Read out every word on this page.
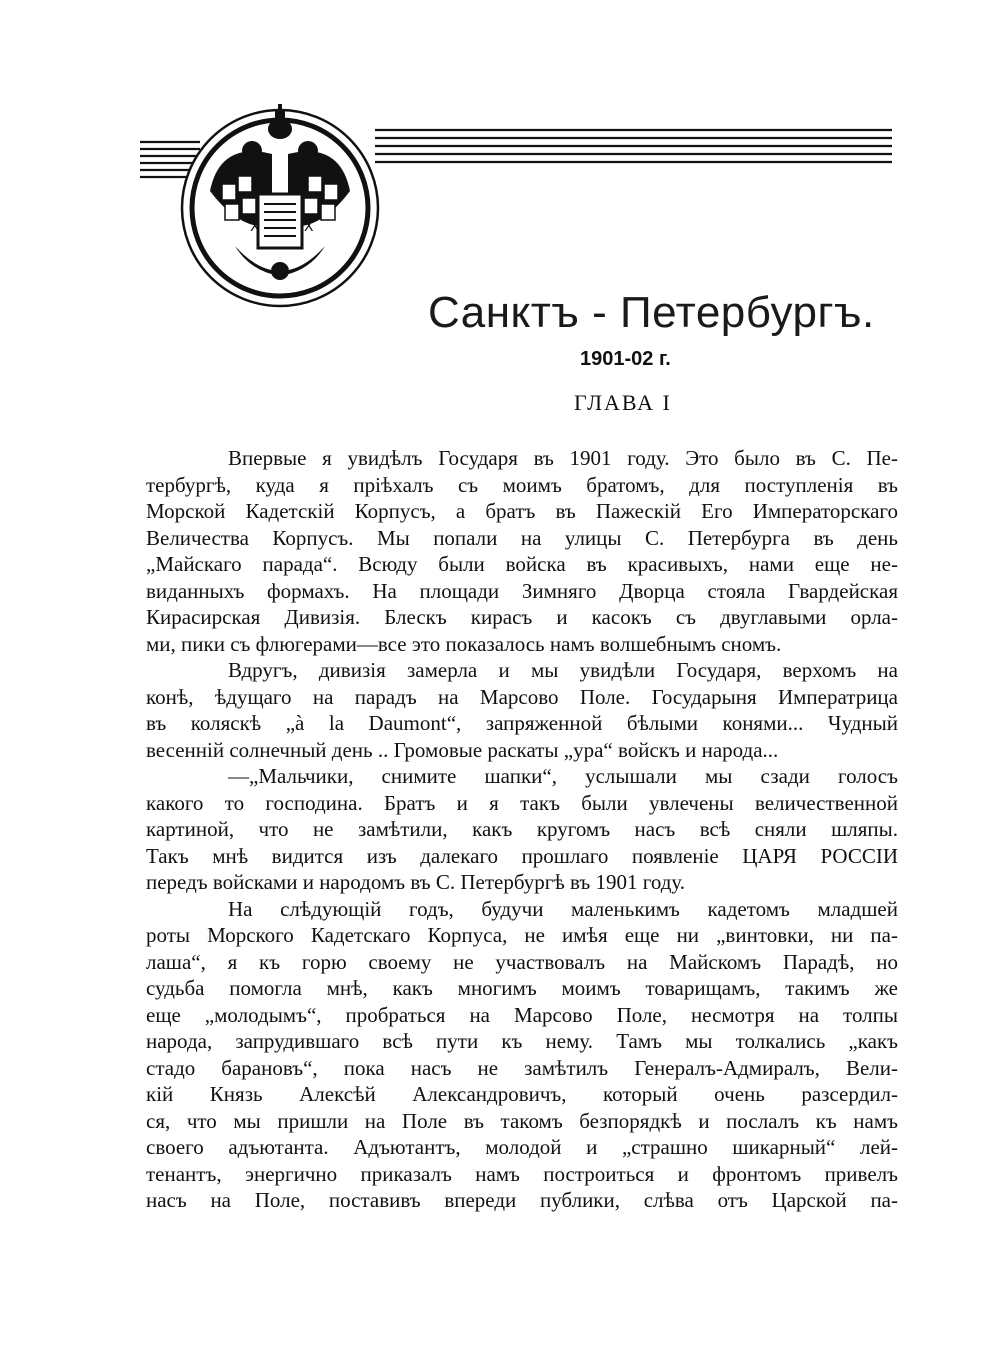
X	X
Санктъ - Петербургъ.
1901-02 г.
ГЛАВА I
Впервые я увидѣлъ Государя въ 1901 году. Это было въ С. Пе-
тербургѣ, куда я пріѣхалъ съ моимъ братомъ, для поступленія въ
Морской Кадетскій Корпусъ, а братъ въ Пажескій Его Императорскаго
Величества Корпусъ. Мы попали на улицы С. Петербурга въ день
„Майскаго парада“. Всюду были войска въ красивыхъ, нами еще не-
виданныхъ формахъ. На площади Зимняго Дворца стояла Гвардейская
Кирасирская Дивизія. Блескъ кирасъ и касокъ съ двуглавыми орла-
ми, пики съ флюгерами—все это показалось намъ волшебнымъ сномъ.
Вдругъ, дивизія замерла и мы увидѣли Государя, верхомъ на
конѣ, ѣдущаго на парадъ на Марсово Поле. Государыня Императрица
въ коляскѣ „à la Daumont“, запряженной бѣлыми конями... Чудный
весенній солнечный день .. Громовые раскаты „ура“ войскъ и народа...
—„Мальчики, снимите шапки“, услышали мы сзади голосъ
какого то господина. Братъ и я такъ были увлечены величественной
картиной, что не замѣтили, какъ кругомъ насъ всѣ сняли шляпы.
Такъ мнѣ видится изъ далекаго прошлаго появленіе ЦАРЯ РОССІИ
передъ войсками и народомъ въ С. Петербургѣ въ 1901 году.
На слѣдующій годъ, будучи маленькимъ кадетомъ младшей
роты Морского Кадетскаго Корпуса, не имѣя еще ни „винтовки, ни па-
лаша“, я къ горю своему не участвовалъ на Майскомъ Парадѣ, но
судьба помогла мнѣ, какъ многимъ моимъ товарищамъ, такимъ же
еще „молодымъ“, пробраться на Марсово Поле, несмотря на толпы
народа, запрудившаго всѣ пути къ нему. Тамъ мы толкались „какъ
стадо барановъ“, пока насъ не замѣтилъ Генералъ-Адмиралъ, Вели-
кій Князь Алексѣй Александровичъ, который очень разсердил-
ся, что мы пришли на Поле въ такомъ безпорядкѣ и послалъ къ намъ
своего адъютанта. Адъютантъ, молодой и „страшно шикарный“ лей-
тенантъ, энергично приказалъ намъ построиться и фронтомъ привелъ
насъ на Поле, поставивъ впереди публики, слѣва отъ Царской па-
